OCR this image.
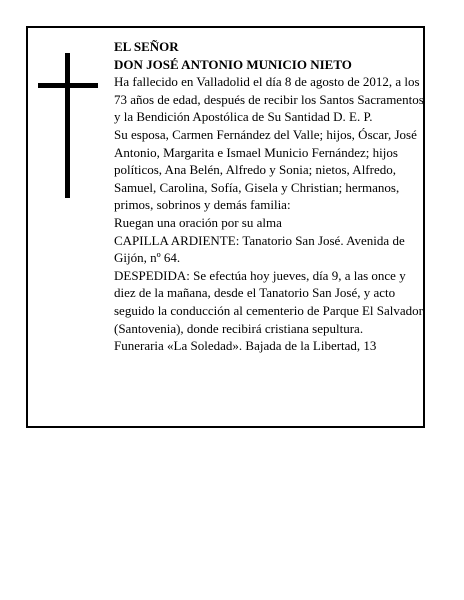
EL SEÑOR

DON JOSÉ ANTONIO MUNICIO NIETO

Ha fallecido en Valladolid el día 8 de agosto de 2012, a los 73 años de edad, después de recibir los Santos Sacramentos y la Bendición Apostólica de Su Santidad D. E. P.

Su esposa, Carmen Fernández del Valle; hijos, Óscar, José Antonio, Margarita e Ismael Municio Fernández; hijos políticos, Ana Belén, Alfredo y Sonia; nietos, Alfredo, Samuel, Carolina, Sofía, Gisela y Christian; hermanos, primos, sobrinos y demás familia:

Ruegan una oración por su alma

CAPILLA ARDIENTE: Tanatorio San José. Avenida de Gijón, nº 64.

DESPEDIDA: Se efectúa hoy jueves, día 9, a las once y diez de la mañana, desde el Tanatorio San José, y acto seguido la conducción al cementerio de Parque El Salvador (Santovenia), donde recibirá cristiana sepultura.

Funeraria «La Soledad». Bajada de la Libertad, 13
